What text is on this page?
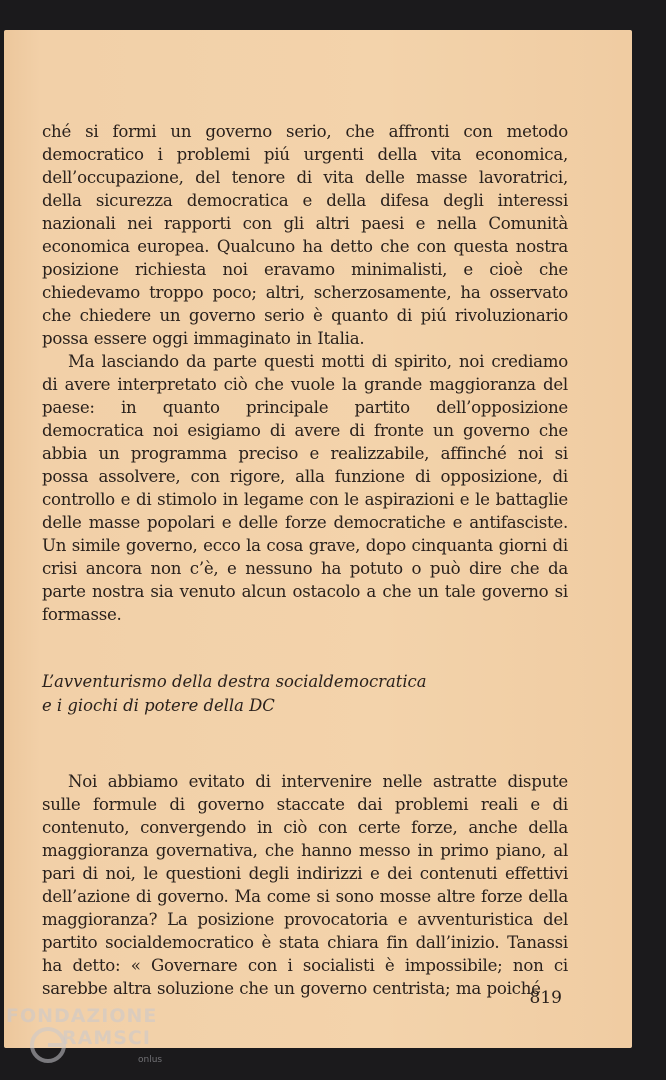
ché si formi un governo serio, che affronti con metodo democratico i problemi piú urgenti della vita economica, dell’occupazione, del tenore di vita delle masse lavoratrici, della sicurezza democratica e della difesa degli interessi nazionali nei rapporti con gli altri paesi e nella Comunità economica europea. Qualcuno ha detto che con questa nostra posizione richiesta noi eravamo minimalisti, e cioè che chiedevamo troppo poco; altri, scherzosamente, ha osservato che chiedere un governo serio è quanto di piú rivoluzionario possa essere oggi immaginato in Italia.

Ma lasciando da parte questi motti di spirito, noi crediamo di avere interpretato ciò che vuole la grande maggioranza del paese: in quanto principale partito dell’opposizione democratica noi esigiamo di avere di fronte un governo che abbia un programma preciso e realizzabile, affinché noi si possa assolvere, con rigore, alla funzione di opposizione, di controllo e di stimolo in legame con le aspirazioni e le battaglie delle masse popolari e delle forze democratiche e antifasciste. Un simile governo, ecco la cosa grave, dopo cinquanta giorni di crisi ancora non c’è, e nessuno ha potuto o può dire che da parte nostra sia venuto alcun ostacolo a che un tale governo si formasse.

L’avventurismo della destra socialdemocratica
e i giochi di potere della DC

Noi abbiamo evitato di intervenire nelle astratte dispute sulle formule di governo staccate dai problemi reali e di contenuto, convergendo in ciò con certe forze, anche della maggioranza governativa, che hanno messo in primo piano, al pari di noi, le questioni degli indirizzi e dei contenuti effettivi dell’azione di governo. Ma come si sono mosse altre forze della maggioranza? La posizione provocatoria e avventuristica del partito socialdemocratico è stata chiara fin dall’inizio. Tanassi ha detto: « Governare con i socialisti è impossibile; non ci sarebbe altra soluzione che un governo centrista; ma poiché

819
FONDAZIONE
RAMSCI
onlus
